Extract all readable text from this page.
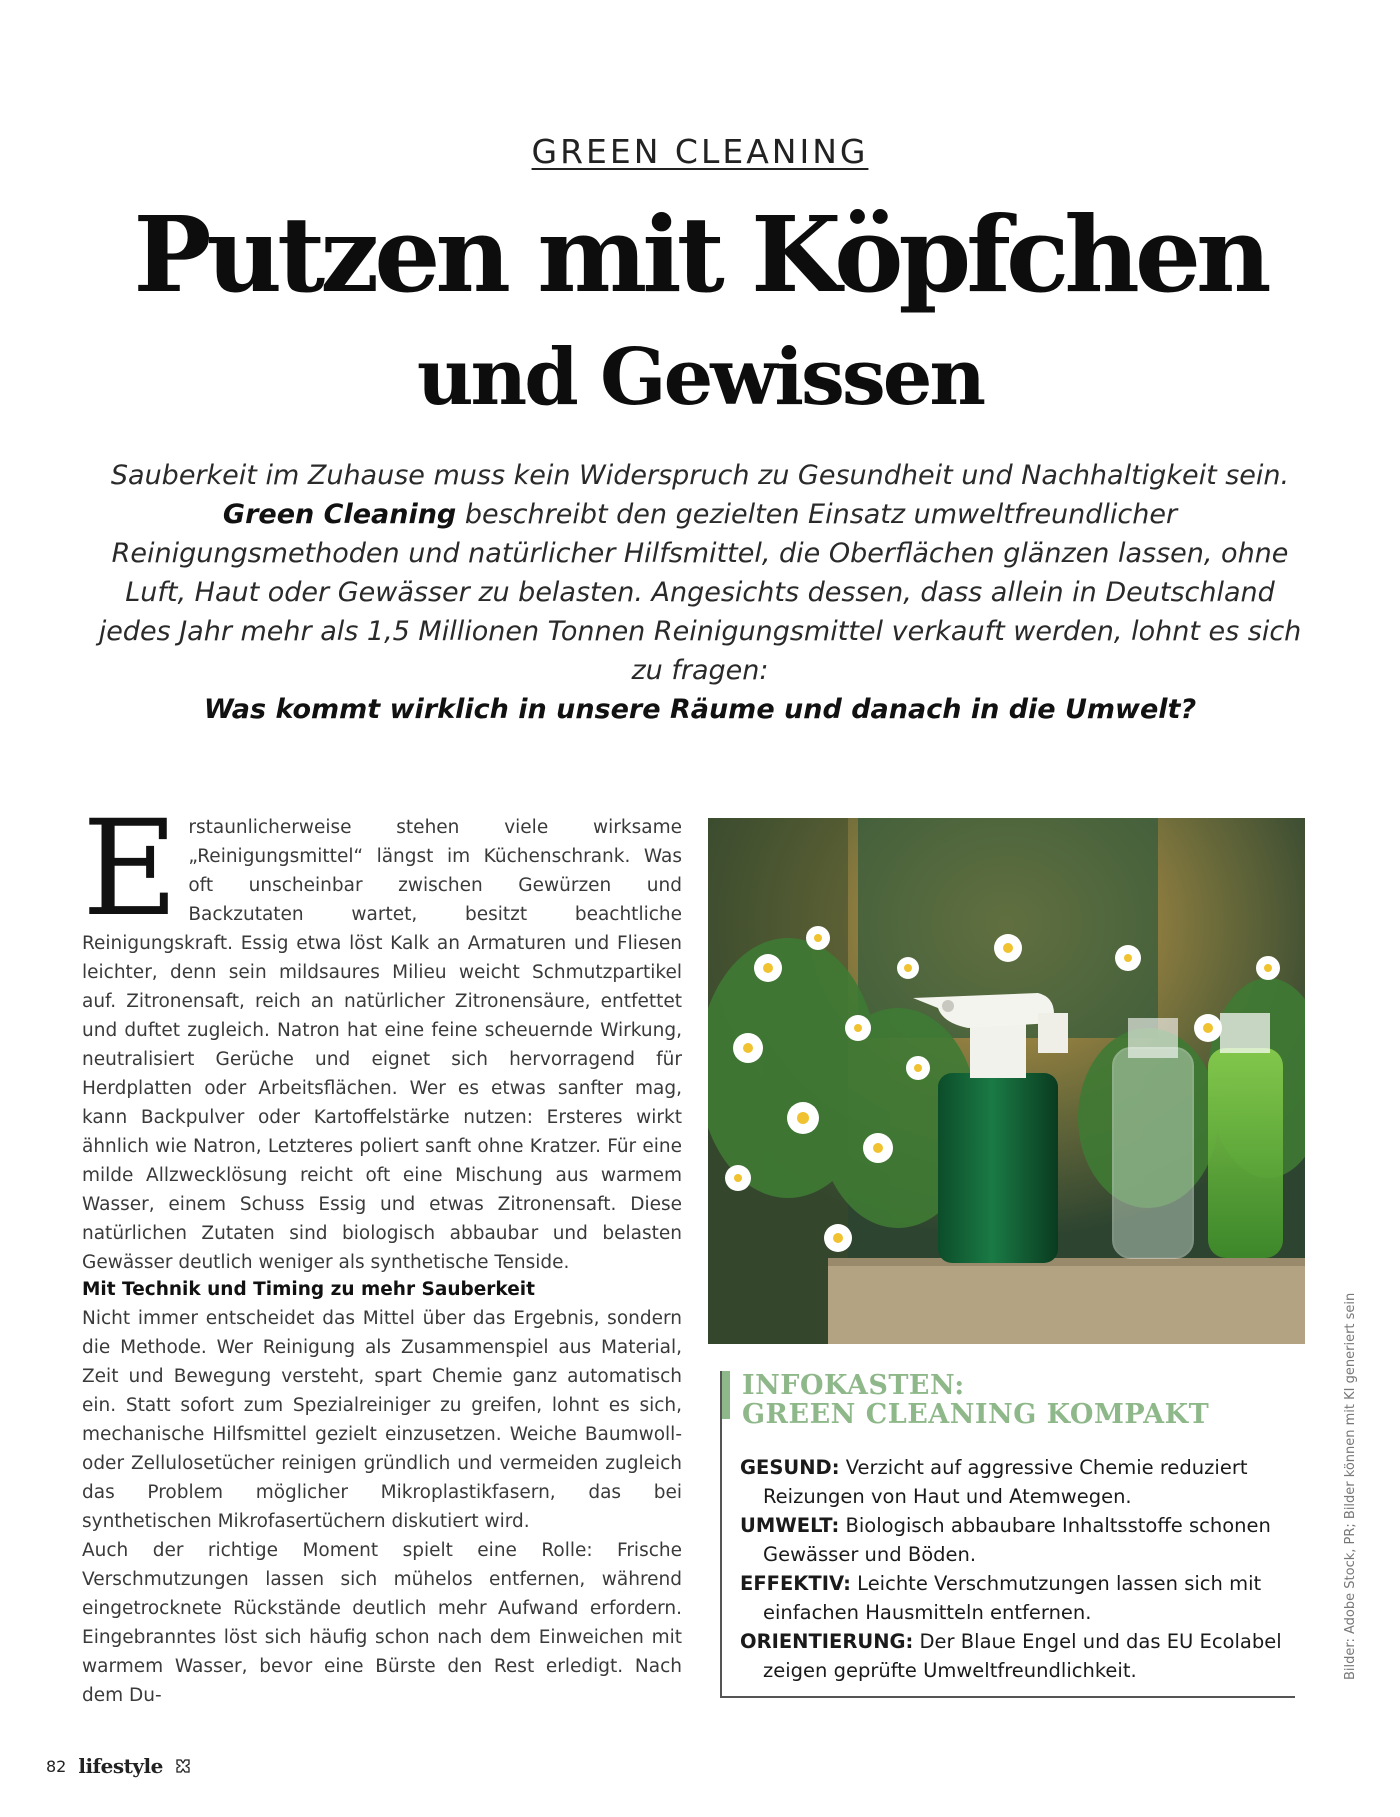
GREEN CLEANING

Putzen mit Köpfchen
und Gewissen

Sauberkeit im Zuhause muss kein Widerspruch zu Gesundheit und Nachhaltigkeit sein. Green Cleaning beschreibt den gezielten Einsatz umweltfreundlicher Reinigungsmethoden und natürlicher Hilfsmittel, die Oberflächen glänzen lassen, ohne Luft, Haut oder Gewässer zu belasten. Angesichts dessen, dass allein in Deutschland jedes Jahr mehr als 1,5 Millionen Tonnen Reinigungsmittel verkauft werden, lohnt es sich zu fragen:
Was kommt wirklich in unsere Räume und danach in die Umwelt?

Erstaunlicherweise stehen viele wirksame „Reinigungsmittel“ längst im Küchenschrank. Was oft unscheinbar zwischen Gewürzen und Backzutaten wartet, besitzt beachtliche Reinigungskraft. Essig etwa löst Kalk an Armaturen und Fliesen leichter, denn sein mildsaures Milieu weicht Schmutzpartikel auf. Zitronensaft, reich an natürlicher Zitronensäure, entfettet und duftet zugleich. Natron hat eine feine scheuernde Wirkung, neutralisiert Gerüche und eignet sich hervorragend für Herdplatten oder Arbeitsflächen. Wer es etwas sanfter mag, kann Backpulver oder Kartoffelstärke nutzen: Ersteres wirkt ähnlich wie Natron, Letzteres poliert sanft ohne Kratzer. Für eine milde Allzwecklösung reicht oft eine Mischung aus warmem Wasser, einem Schuss Essig und etwas Zitronensaft. Diese natürlichen Zutaten sind biologisch abbaubar und belasten Gewässer deutlich weniger als synthetische Tenside.

Mit Technik und Timing zu mehr Sauberkeit

Nicht immer entscheidet das Mittel über das Ergebnis, sondern die Methode. Wer Reinigung als Zusammenspiel aus Material, Zeit und Bewegung versteht, spart Chemie ganz automatisch ein. Statt sofort zum Spezialreiniger zu greifen, lohnt es sich, mechanische Hilfsmittel gezielt einzusetzen. Weiche Baumwoll- oder Zellulosetücher reinigen gründlich und vermeiden zugleich das Problem möglicher Mikroplastikfasern, das bei synthetischen Mikrofasertüchern diskutiert wird.

Auch der richtige Moment spielt eine Rolle: Frische Verschmutzungen lassen sich mühelos entfernen, während eingetrocknete Rückstände deutlich mehr Aufwand erfordern. Eingebranntes löst sich häufig schon nach dem Einweichen mit warmem Wasser, bevor eine Bürste den Rest erledigt. Nach dem Du-

INFOKASTEN:
GREEN CLEANING KOMPAKT
GESUND: Verzicht auf aggressive Chemie reduziert Reizungen von Haut und Atemwegen.
UMWELT: Biologisch abbaubare Inhaltsstoffe schonen Gewässer und Böden.
EFFEKTIV: Leichte Verschmutzungen lassen sich mit einfachen Hausmitteln entfernen.
ORIENTIERUNG: Der Blaue Engel und das EU Ecolabel zeigen geprüfte Umweltfreundlichkeit.	Bilder: Adobe Stock, PR; Bilder können mit KI generiert sein

82 lifestyle
